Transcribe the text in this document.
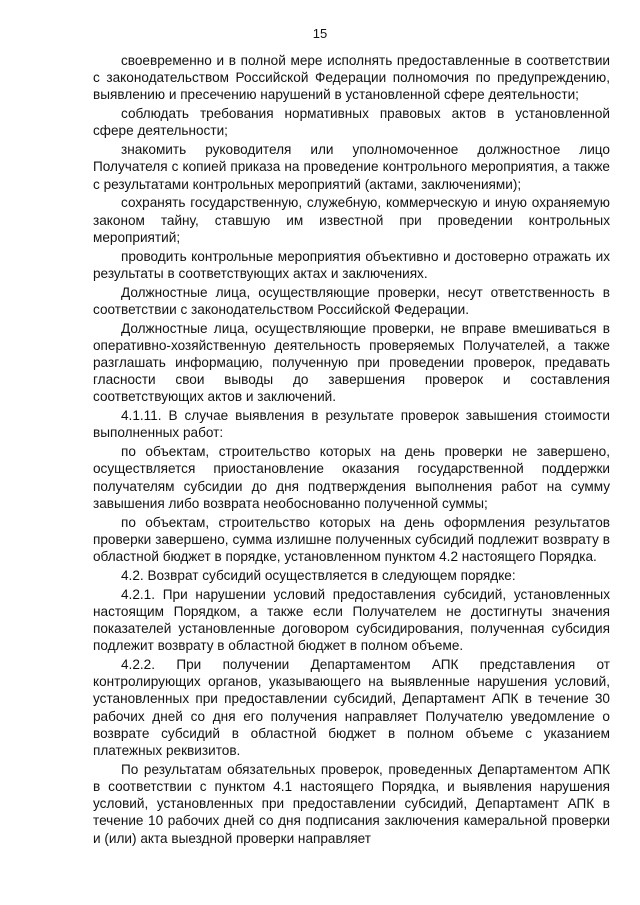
15

своевременно и в полной мере исполнять предоставленные в соответствии с законодательством Российской Федерации полномочия по предупреждению, выявлению и пресечению нарушений в установленной сфере деятельности;

соблюдать требования нормативных правовых актов в установленной сфере деятельности;

знакомить руководителя или уполномоченное должностное лицо Получателя с копией приказа на проведение контрольного мероприятия, а также с результатами контрольных мероприятий (актами, заключениями);

сохранять государственную, служебную, коммерческую и иную охраняемую законом тайну, ставшую им известной при проведении контрольных мероприятий;

проводить контрольные мероприятия объективно и достоверно отражать их результаты в соответствующих актах и заключениях.

Должностные лица, осуществляющие проверки, несут ответственность в соответствии с законодательством Российской Федерации.

Должностные лица, осуществляющие проверки, не вправе вмешиваться в оперативно-хозяйственную деятельность проверяемых Получателей, а также разглашать информацию, полученную при проведении проверок, предавать гласности свои выводы до завершения проверок и составления соответствующих актов и заключений.

4.1.11. В случае выявления в результате проверок завышения стоимости выполненных работ:

по объектам, строительство которых на день проверки не завершено, осуществляется приостановление оказания государственной поддержки получателям субсидии до дня подтверждения выполнения работ на сумму завышения либо возврата необоснованно полученной суммы;

по объектам, строительство которых на день оформления результатов проверки завершено, сумма излишне полученных субсидий подлежит возврату в областной бюджет в порядке, установленном пунктом 4.2 настоящего Порядка.

4.2. Возврат субсидий осуществляется в следующем порядке:

4.2.1. При нарушении условий предоставления субсидий, установленных настоящим Порядком, а также если Получателем не достигнуты значения показателей установленные договором субсидирования, полученная субсидия подлежит возврату в областной бюджет в полном объеме.

4.2.2. При получении Департаментом АПК представления от контролирующих органов, указывающего на выявленные нарушения условий, установленных при предоставлении субсидий, Департамент АПК в течение 30 рабочих дней со дня его получения направляет Получателю уведомление о возврате субсидий в областной бюджет в полном объеме с указанием платежных реквизитов.

По результатам обязательных проверок, проведенных Департаментом АПК в соответствии с пунктом 4.1 настоящего Порядка, и выявления нарушения условий, установленных при предоставлении субсидий, Департамент АПК в течение 10 рабочих дней со дня подписания заключения камеральной проверки и (или) акта выездной проверки направляет
